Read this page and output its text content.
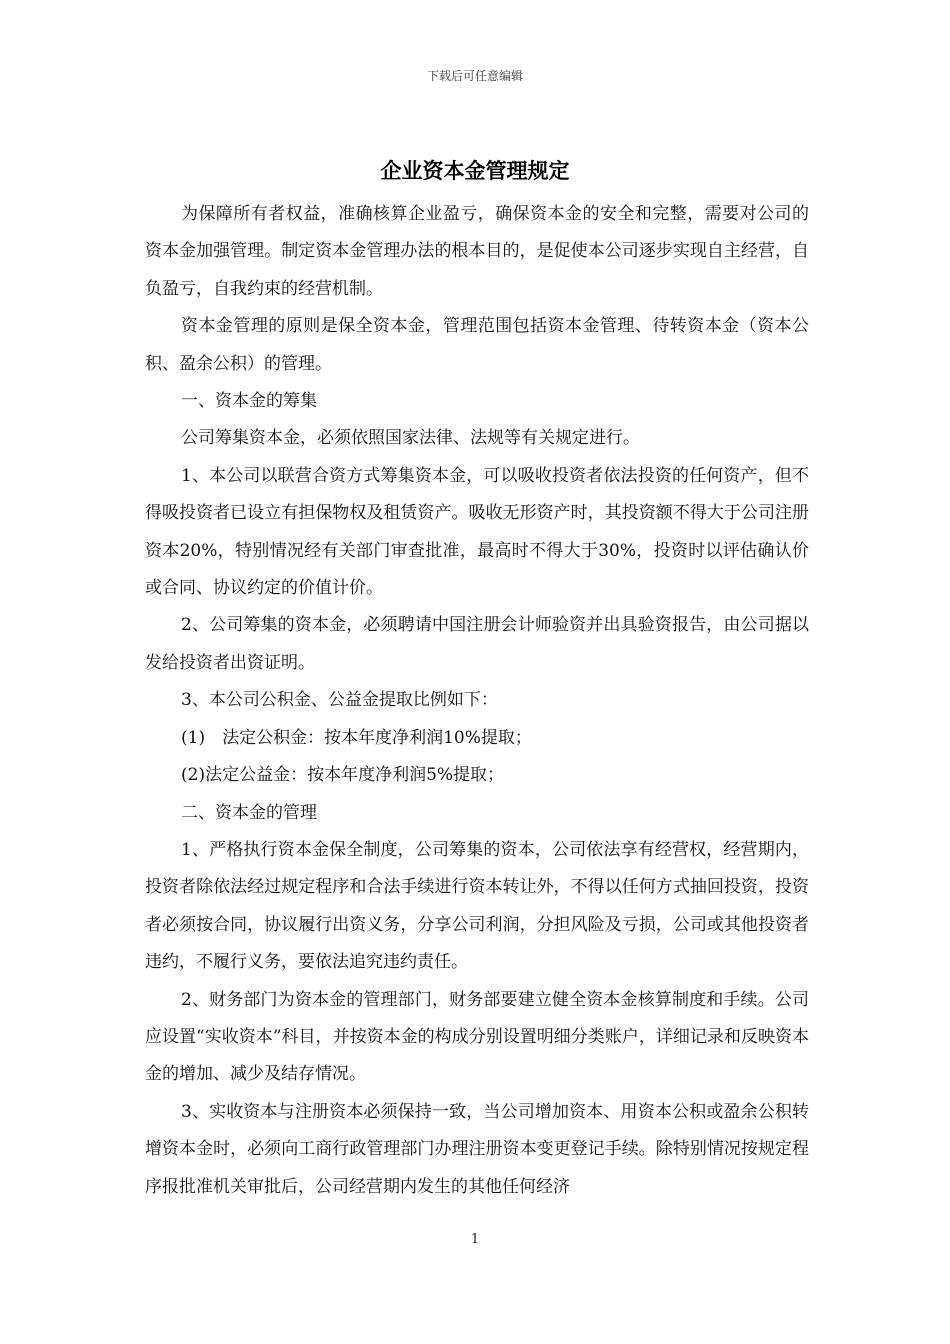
下载后可任意编辑
企业资本金管理规定

为保障所有者权益，准确核算企业盈亏，确保资本金的安全和完整，需要对公司的资本金加强管理。制定资本金管理办法的根本目的，是促使本公司逐步实现自主经营，自负盈亏，自我约束的经营机制。

资本金管理的原则是保全资本金，管理范围包括资本金管理、待转资本金（资本公积、盈余公积）的管理。

一、资本金的筹集

公司筹集资本金，必须依照国家法律、法规等有关规定进行。

1、本公司以联营合资方式筹集资本金，可以吸收投资者依法投资的任何资产，但不得吸投资者已设立有担保物权及租赁资产。吸收无形资产时，其投资额不得大于公司注册资本20%，特别情况经有关部门审查批准，最高时不得大于30%，投资时以评估确认价或合同、协议约定的价值计价。

2、公司筹集的资本金，必须聘请中国注册会计师验资并出具验资报告，由公司据以发给投资者出资证明。

3、本公司公积金、公益金提取比例如下：

(1)　法定公积金：按本年度净利润10%提取；

(2)法定公益金：按本年度净利润5%提取；

二、资本金的管理

1、严格执行资本金保全制度，公司筹集的资本，公司依法享有经营权，经营期内，投资者除依法经过规定程序和合法手续进行资本转让外，不得以任何方式抽回投资，投资者必须按合同，协议履行出资义务，分享公司利润，分担风险及亏损，公司或其他投资者违约，不履行义务，要依法追究违约责任。

2、财务部门为资本金的管理部门，财务部要建立健全资本金核算制度和手续。公司应设置“实收资本”科目，并按资本金的构成分别设置明细分类账户，详细记录和反映资本金的增加、减少及结存情况。

3、实收资本与注册资本必须保持一致，当公司增加资本、用资本公积或盈余公积转增资本金时，必须向工商行政管理部门办理注册资本变更登记手续。除特别情况按规定程序报批准机关审批后，公司经营期内发生的其他任何经济

1
